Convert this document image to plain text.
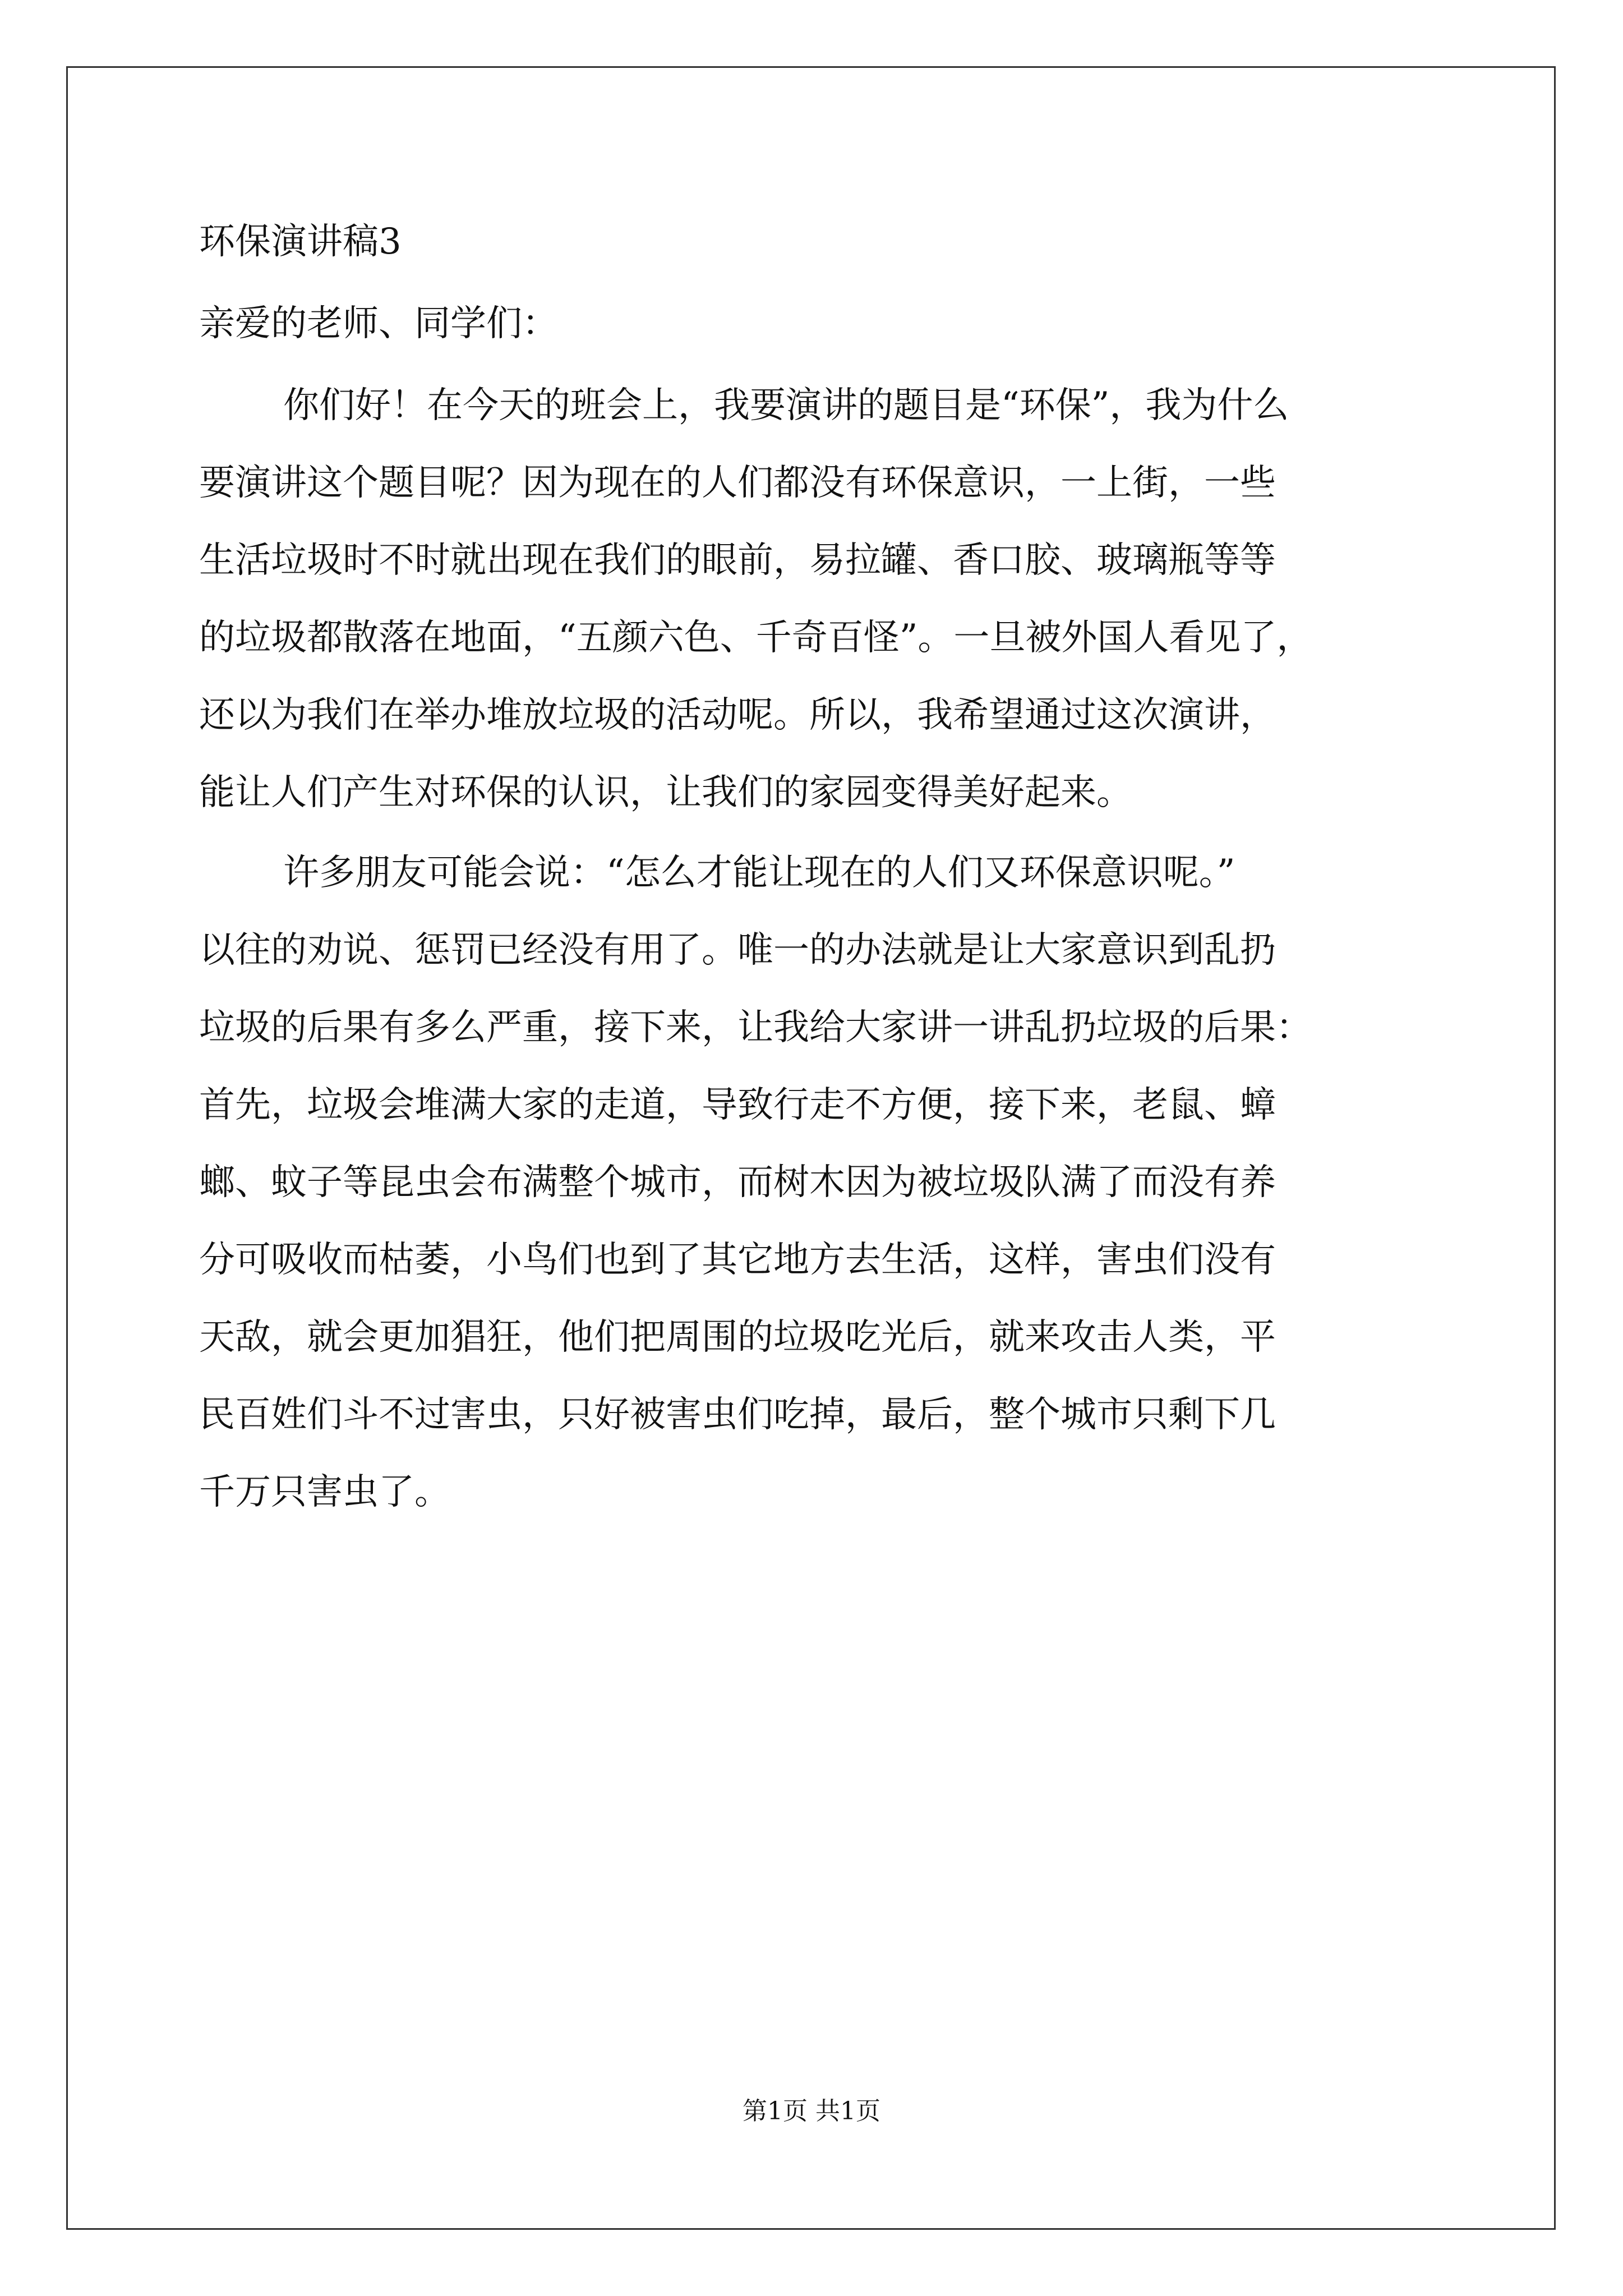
环保演讲稿3

亲爱的老师、同学们：

你们好！在今天的班会上，我要演讲的题目是“环保”，我为什么

要演讲这个题目呢？因为现在的人们都没有环保意识，一上街，一些

生活垃圾时不时就出现在我们的眼前，易拉罐、香口胶、玻璃瓶等等

的垃圾都散落在地面，“五颜六色、千奇百怪”。一旦被外国人看见了，

还以为我们在举办堆放垃圾的活动呢。所以，我希望通过这次演讲，

能让人们产生对环保的认识，让我们的家园变得美好起来。

许多朋友可能会说：“怎么才能让现在的人们又环保意识呢。”

以往的劝说、惩罚已经没有用了。唯一的办法就是让大家意识到乱扔

垃圾的后果有多么严重，接下来，让我给大家讲一讲乱扔垃圾的后果：

首先，垃圾会堆满大家的走道，导致行走不方便，接下来，老鼠、蟑

螂、蚊子等昆虫会布满整个城市，而树木因为被垃圾队满了而没有养

分可吸收而枯萎，小鸟们也到了其它地方去生活，这样，害虫们没有

天敌，就会更加猖狂，他们把周围的垃圾吃光后，就来攻击人类，平

民百姓们斗不过害虫，只好被害虫们吃掉，最后，整个城市只剩下几

千万只害虫了。

第1页 共1页
